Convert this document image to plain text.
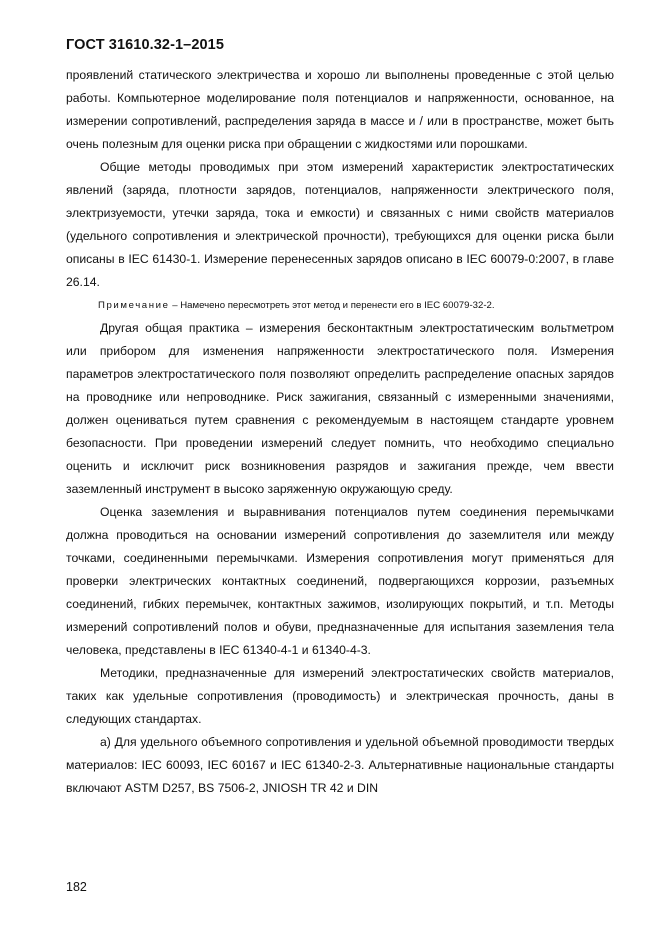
ГОСТ 31610.32-1–2015

проявлений статического электричества и хорошо ли выполнены проведенные с этой целью работы. Компьютерное моделирование поля потенциалов и напряженности, основанное, на измерении сопротивлений, распределения заряда в массе и / или в пространстве, может быть очень полезным для оценки риска при обращении с жидкостями или порошками.

Общие методы проводимых при этом измерений характеристик электростатических явлений (заряда, плотности зарядов, потенциалов, напряженности электрического поля, электризуемости, утечки заряда, тока и емкости) и связанных с ними свойств материалов (удельного сопротивления и электрической прочности), требующихся для оценки риска были описаны в IEC 61430-1. Измерение перенесенных зарядов описано в IEC 60079-0:2007, в главе 26.14.

Примечание – Намечено пересмотреть этот метод и перенести его в IEC 60079-32-2.

Другая общая практика – измерения бесконтактным электростатическим вольтметром или прибором для изменения напряженности электростатического поля. Измерения параметров электростатического поля позволяют определить распределение опасных зарядов на проводнике или непроводнике. Риск зажигания, связанный с измеренными значениями, должен оцениваться путем сравнения с рекомендуемым в настоящем стандарте уровнем безопасности. При проведении измерений следует помнить, что необходимо специально оценить и исключит риск возникновения разрядов и зажигания прежде, чем ввести заземленный инструмент в высоко заряженную окружающую среду.

Оценка заземления и выравнивания потенциалов путем соединения перемычками должна проводиться на основании измерений сопротивления до заземлителя или между точками, соединенными перемычками. Измерения сопротивления могут применяться для проверки электрических контактных соединений, подвергающихся коррозии, разъемных соединений, гибких перемычек, контактных зажимов, изолирующих покрытий, и т.п. Методы измерений сопротивлений полов и обуви, предназначенные для испытания заземления тела человека, представлены в IEC 61340-4-1 и 61340-4-3.

Методики, предназначенные для измерений электростатических свойств материалов, таких как удельные сопротивления (проводимость) и электрическая прочность, даны в следующих стандартах.

а) Для удельного объемного сопротивления и удельной объемной проводимости твердых материалов: IEC 60093, IEC 60167 и IEC 61340-2-3. Альтернативные национальные стандарты включают ASTM D257, BS 7506-2, JNIOSH TR 42 и DIN

182
